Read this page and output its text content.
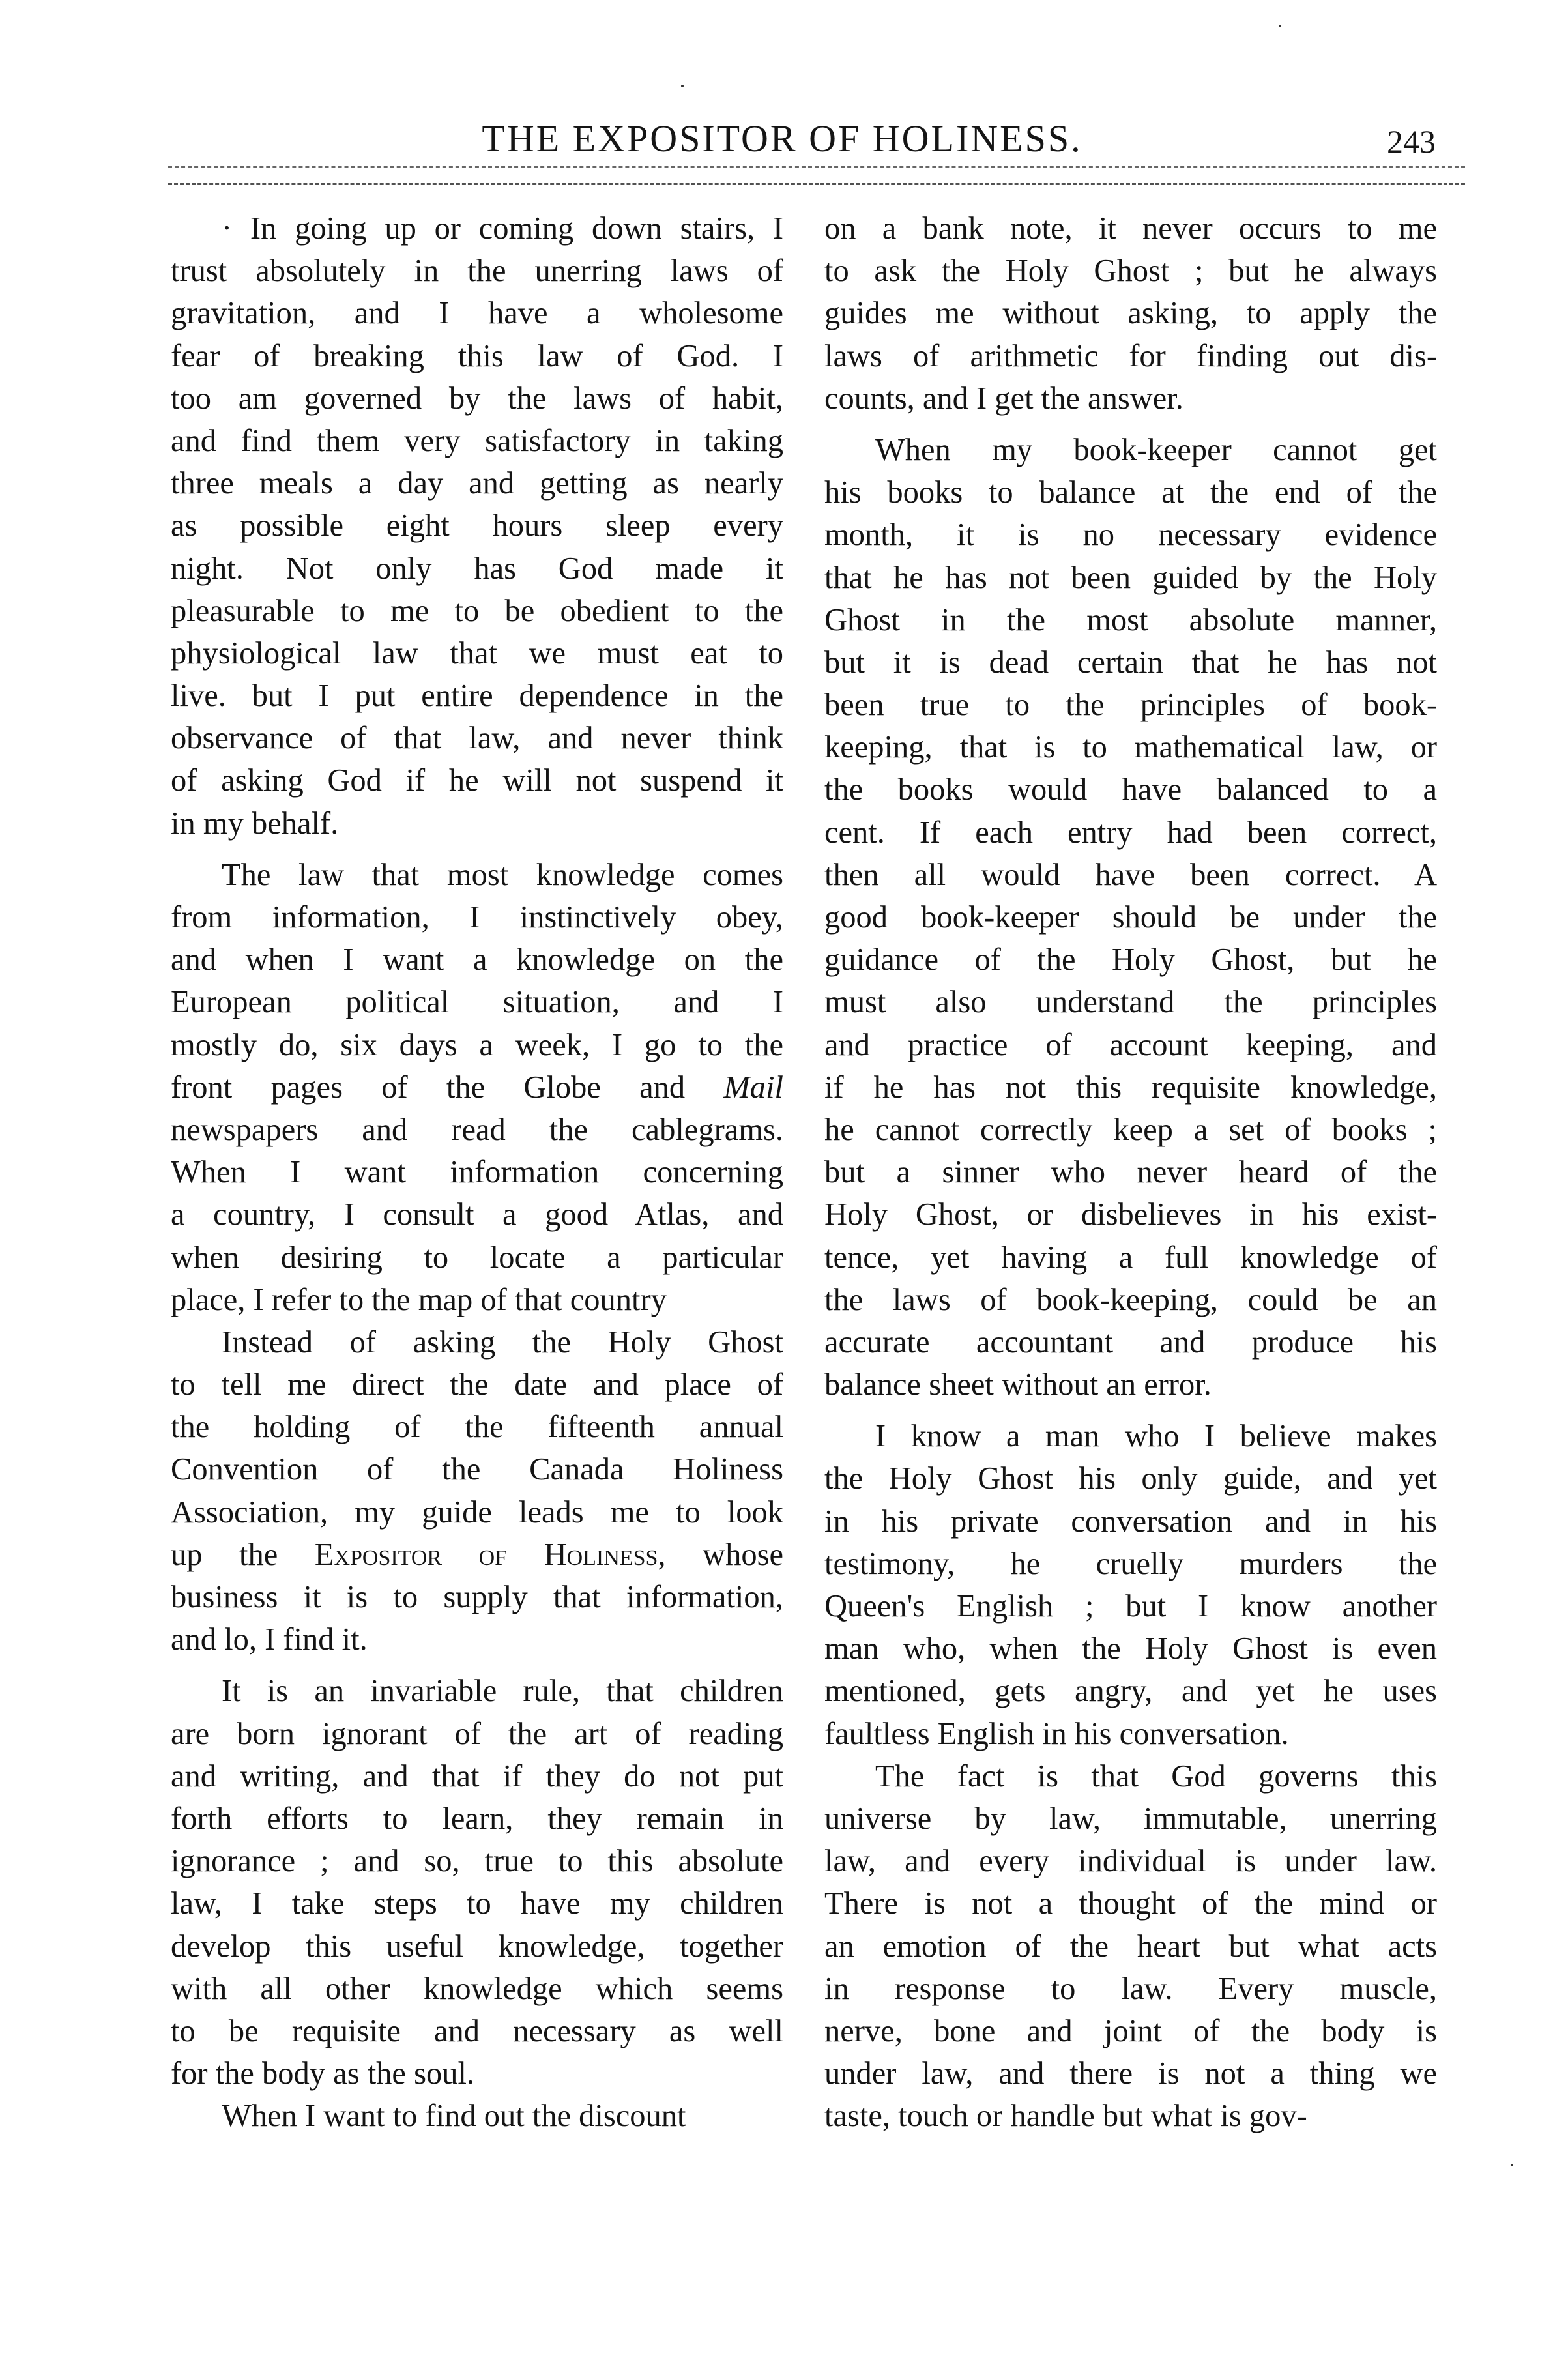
THE EXPOSITOR OF HOLINESS.	243
· In going up or coming down stairs, I
trust absolutely in the unerring laws of
gravitation, and I have a wholesome
fear of breaking this law of God. I
too am governed by the laws of habit,
and find them very satisfactory in taking
three meals a day and getting as nearly
as possible eight hours sleep every
night. Not only has God made it
pleasurable to me to be obedient to the
physiological law that we must eat to
live. but I put entire dependence in the
observance of that law, and never think
of asking God if he will not suspend it
in my behalf.
The law that most knowledge comes
from information, I instinctively obey,
and when I want a knowledge on the
European political situation, and I
mostly do, six days a week, I go to the
front pages of the Globe and Mail
newspapers and read the cablegrams.
When I want information concerning
a country, I consult a good Atlas, and
when desiring to locate a particular
place, I refer to the map of that country
Instead of asking the Holy Ghost
to tell me direct the date and place of
the holding of the fifteenth annual
Convention of the Canada Holiness
Association, my guide leads me to look
up the Expositor of Holiness, whose
business it is to supply that information,
and lo, I find it.
It is an invariable rule, that children
are born ignorant of the art of reading
and writing, and that if they do not put
forth efforts to learn, they remain in
ignorance ; and so, true to this absolute
law, I take steps to have my children
develop this useful knowledge, together
with all other knowledge which seems
to be requisite and necessary as well
for the body as the soul.
When I want to find out the discount
on a bank note, it never occurs to me
to ask the Holy Ghost ; but he always
guides me without asking, to apply the
laws of arithmetic for finding out dis-
counts, and I get the answer.
When my book-keeper cannot get
his books to balance at the end of the
month, it is no necessary evidence
that he has not been guided by the Holy
Ghost in the most absolute manner,
but it is dead certain that he has not
been true to the principles of book-
keeping, that is to mathematical law, or
the books would have balanced to a
cent. If each entry had been correct,
then all would have been correct. A
good book-keeper should be under the
guidance of the Holy Ghost, but he
must also understand the principles
and practice of account keeping, and
if he has not this requisite knowledge,
he cannot correctly keep a set of books ;
but a sinner who never heard of the
Holy Ghost, or disbelieves in his exist-
tence, yet having a full knowledge of
the laws of book-keeping, could be an
accurate accountant and produce his
balance sheet without an error.
I know a man who I believe makes
the Holy Ghost his only guide, and yet
in his private conversation and in his
testimony, he cruelly murders the
Queen's English ; but I know another
man who, when the Holy Ghost is even
mentioned, gets angry, and yet he uses
faultless English in his conversation.
The fact is that God governs this
universe by law, immutable, unerring
law, and every individual is under law.
There is not a thought of the mind or
an emotion of the heart but what acts
in response to law. Every muscle,
nerve, bone and joint of the body is
under law, and there is not a thing we
taste, touch or handle but what is gov-
